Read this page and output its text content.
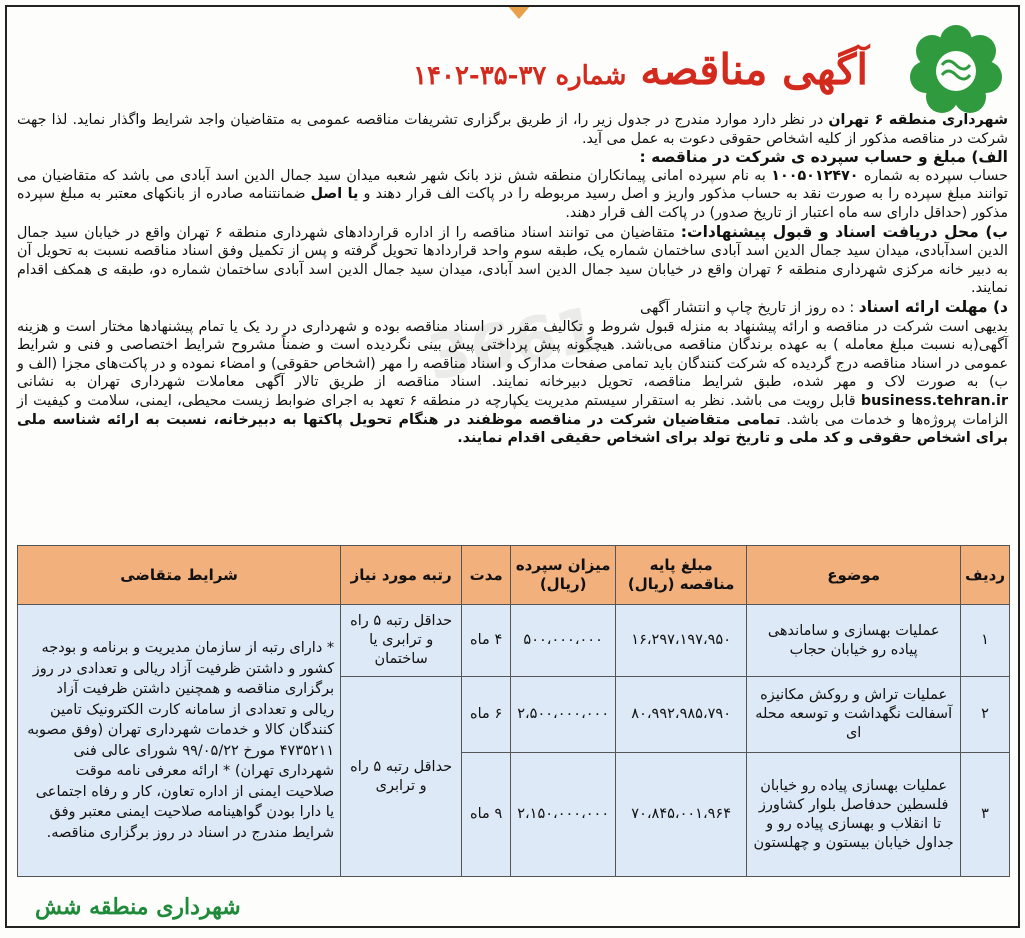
آگهی مناقصه
شماره ۳۷-۳۵-۱۴۰۲
3661

شهرداری منطقه ۶ تهران در نظر دارد موارد مندرج در جدول زیر را، از طریق برگزاری تشریفات مناقصه عمومی به متقاضیان واجد شرایط واگذار نماید. لذا جهت شرکت در مناقصه مذکور از کلیه اشخاص حقوقی دعوت به عمل می آید.

الف) مبلغ و حساب سپرده ی شرکت در مناقصه :

حساب سپرده به شماره ۱۰۰۵۰۱۲۴۷۰ به نام سپرده امانی پیمانکاران منطقه شش نزد بانک شهر شعبه میدان سید جمال الدین اسد آبادی می باشد که متقاضیان می توانند مبلغ سپرده را به صورت نقد به حساب مذکور واریز و اصل رسید مربوطه را در پاکت الف قرار دهند و یا اصل ضمانتنامه صادره از بانکهای معتبر به مبلغ سپرده مذکور (حداقل دارای سه ماه اعتبار از تاریخ صدور) در پاکت الف قرار دهند.

ب) محل دریافت اسناد و قبول پیشنهادات: متقاضیان می توانند اسناد مناقصه را از اداره قراردادهای شهرداری منطقه ۶ تهران واقع در خیابان سید جمال الدین اسدآبادی، میدان سید جمال الدین اسد آبادی ساختمان شماره یک، طبقه سوم واحد قراردادها تحویل گرفته و پس از تکمیل وفق اسناد مناقصه نسبت به تحویل آن به دبیر خانه مرکزی شهرداری منطقه ۶ تهران واقع در خیابان سید جمال الدین اسد آبادی، میدان سید جمال الدین اسد آبادی ساختمان شماره دو، طبقه ی همکف اقدام نمایند.

د) مهلت ارائه اسناد : ده روز از تاریخ چاپ و انتشار آگهی

بدیهی است شرکت در مناقصه و ارائه پیشنهاد به منزله قبول شروط و تکالیف مقرر در اسناد مناقصه بوده و شهرداری در رد یک یا تمام پیشنهادها مختار است و هزینه آگهی(به نسبت مبلغ معامله ) به عهده برندگان مناقصه می‌باشد. هیچگونه پیش پرداختی پیش بینی نگردیده است و ضمناً مشروح شرایط اختصاصی و فنی و شرایط عمومی در اسناد مناقصه درج گردیده که شرکت کنندگان باید تمامی صفحات مدارک و اسناد مناقصه را مهر (اشخاص حقوقی) و امضاء نموده و در پاکت‌های مجزا (الف و ب) به صورت لاک و مهر شده، طبق شرایط مناقصه، تحویل دبیرخانه نمایند. اسناد مناقصه از طریق تالار آگهی معاملات شهرداری تهران به نشانی business.tehran.ir قابل رویت می باشد. نظر به استقرار سیستم مدیریت یکپارچه در منطقه ۶ تعهد به اجرای ضوابط زیست محیطی، ایمنی، سلامت و کیفیت از الزامات پروژه‌ها و خدمات می باشد. تمامی متقاضیان شرکت در مناقصه موظفند در هنگام تحویل پاکتها به دبیرخانه، نسبت به ارائه شناسه ملی برای اشخاص حقوقی و کد ملی و تاریخ تولد برای اشخاص حقیقی اقدام نمایند.

ردیف	موضوع	مبلغ پایه مناقصه (ریال)	میزان سپرده (ریال)	مدت	رتبه مورد نیاز	شرایط متقاضی
۱	عملیات بهسازی و ساماندهی پیاده رو خیابان حجاب	۱۶،۲۹۷،۱۹۷،۹۵۰	۵۰۰،۰۰۰،۰۰۰	۴ ماه	حداقل رتبه ۵ راه و ترابری یا ساختمان	* دارای رتبه از سازمان مدیریت و برنامه و بودجه کشور و داشتن ظرفیت آزاد ریالی و تعدادی در روز برگزاری مناقصه و همچنین داشتن ظرفیت آزاد ریالی و تعدادی از سامانه کارت الکترونیک تامین کنندگان کالا و خدمات شهرداری تهران (وفق مصوبه ۴۷۳۵۲۱۱ مورخ ۹۹/۰۵/۲۲ شورای عالی فنی شهرداری تهران) * ارائه معرفی نامه موقت صلاحیت ایمنی از اداره تعاون، کار و رفاه اجتماعی یا دارا بودن گواهینامه صلاحیت ایمنی معتبر وفق شرایط مندرج در اسناد در روز برگزاری مناقصه.
۲	عملیات تراش و روکش مکانیزه آسفالت نگهداشت و توسعه محله ای	۸۰،۹۹۲،۹۸۵،۷۹۰	۲،۵۰۰،۰۰۰،۰۰۰	۶ ماه	حداقل رتبه ۵ راه و ترابری	
۳	عملیات بهسازی پیاده رو خیابان فلسطین حدفاصل بلوار کشاورز تا انقلاب و بهسازی پیاده رو و جداول خیابان بیستون و چهلستون	۷۰،۸۴۵،۰۰۱،۹۶۴	۲،۱۵۰،۰۰۰،۰۰۰	۹ ماه		
شهرداری منطقه شش
